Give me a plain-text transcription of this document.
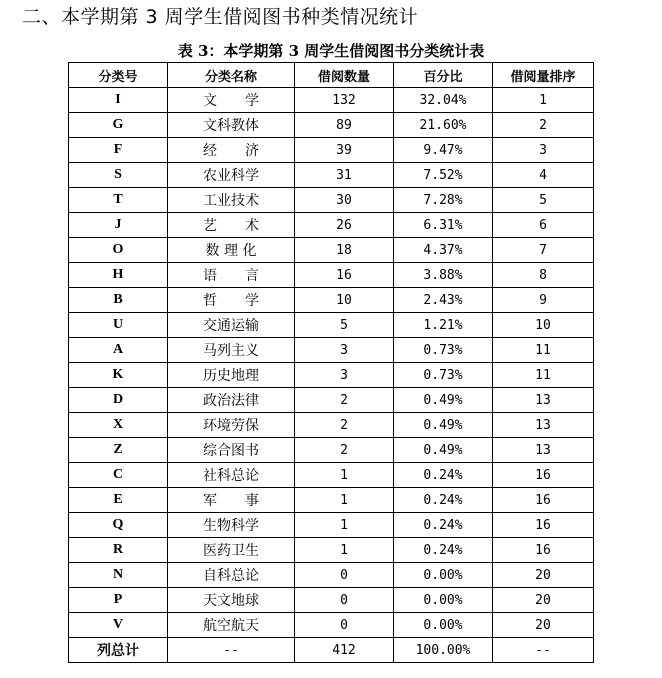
二、本学期第 3 周学生借阅图书种类情况统计
表 3：本学期第 3 周学生借阅图书分类统计表
分类号	分类名称	借阅数量	百分比	借阅量排序
I	文　　学	132	32.04%	1
G	文科教体	89	21.60%	2
F	经　　济	39	9.47%	3
S	农业科学	31	7.52%	4
T	工业技术	30	7.28%	5
J	艺　　术	26	6.31%	6
O	数 理 化	18	4.37%	7
H	语　　言	16	3.88%	8
B	哲　　学	10	2.43%	9
U	交通运输	5	1.21%	10
A	马列主义	3	0.73%	11
K	历史地理	3	0.73%	11
D	政治法律	2	0.49%	13
X	环境劳保	2	0.49%	13
Z	综合图书	2	0.49%	13
C	社科总论	1	0.24%	16
E	军　　事	1	0.24%	16
Q	生物科学	1	0.24%	16
R	医药卫生	1	0.24%	16
N	自科总论	0	0.00%	20
P	天文地球	0	0.00%	20
V	航空航天	0	0.00%	20
列总计	--	412	100.00%	--
